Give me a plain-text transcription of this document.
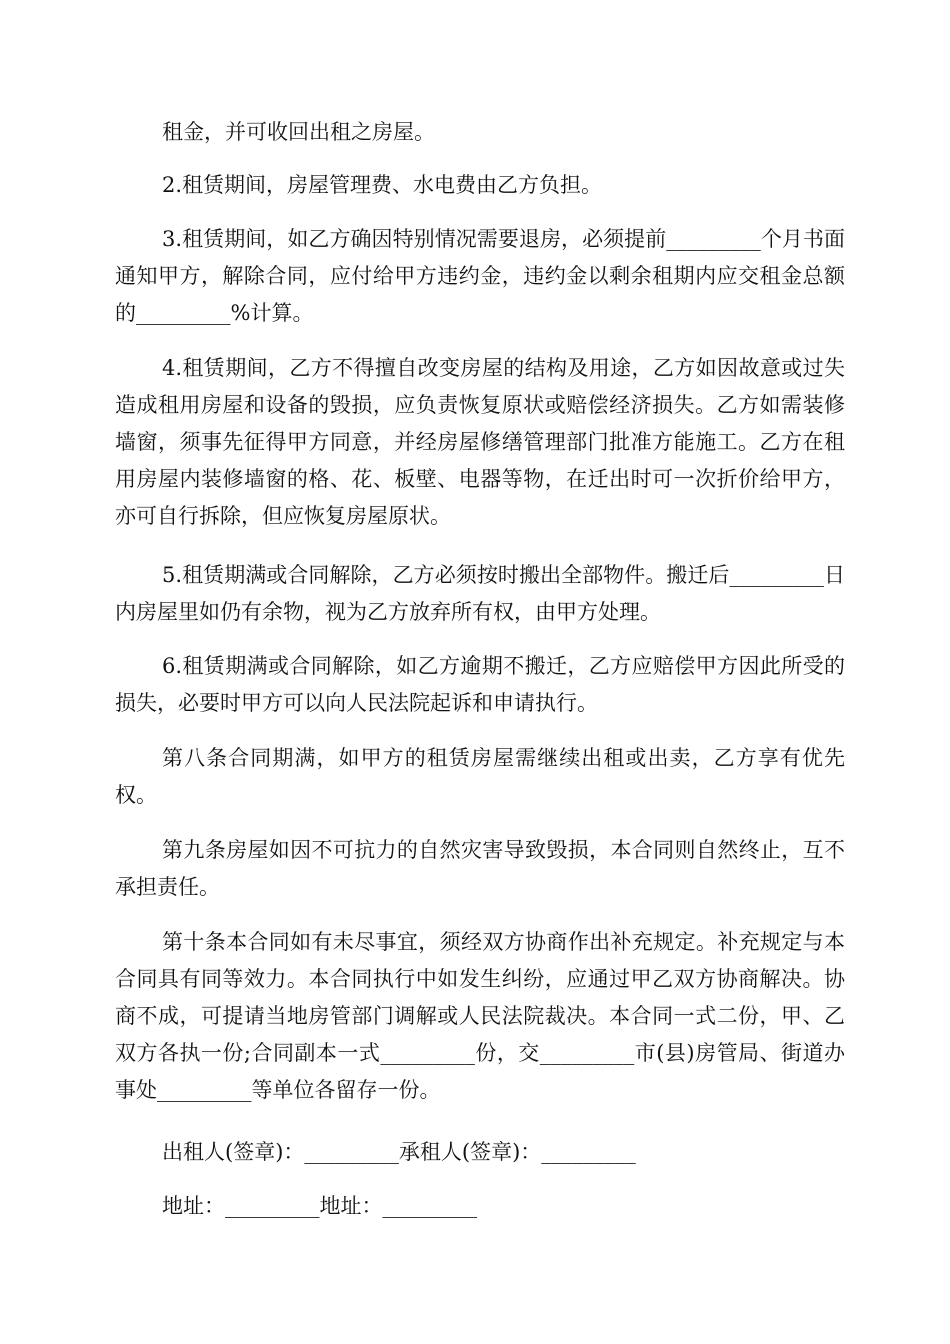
租金，并可收回出租之房屋。

2.租赁期间，房屋管理费、水电费由乙方负担。

3.租赁期间，如乙方确因特别情况需要退房，必须提前_________个月书面通知甲方，解除合同，应付给甲方违约金，违约金以剩余租期内应交租金总额的_________%计算。

4.租赁期间，乙方不得擅自改变房屋的结构及用途，乙方如因故意或过失造成租用房屋和设备的毁损，应负责恢复原状或赔偿经济损失。乙方如需装修墙窗，须事先征得甲方同意，并经房屋修缮管理部门批准方能施工。乙方在租用房屋内装修墙窗的格、花、板壁、电器等物，在迁出时可一次折价给甲方，亦可自行拆除，但应恢复房屋原状。

5.租赁期满或合同解除，乙方必须按时搬出全部物件。搬迁后_________日内房屋里如仍有余物，视为乙方放弃所有权，由甲方处理。

6.租赁期满或合同解除，如乙方逾期不搬迁，乙方应赔偿甲方因此所受的损失，必要时甲方可以向人民法院起诉和申请执行。

第八条合同期满，如甲方的租赁房屋需继续出租或出卖，乙方享有优先权。

第九条房屋如因不可抗力的自然灾害导致毁损，本合同则自然终止，互不承担责任。

第十条本合同如有未尽事宜，须经双方协商作出补充规定。补充规定与本合同具有同等效力。本合同执行中如发生纠纷，应通过甲乙双方协商解决。协商不成，可提请当地房管部门调解或人民法院裁决。本合同一式二份，甲、乙双方各执一份;合同副本一式_________份，交_________市(县)房管局、街道办事处_________等单位各留存一份。

出租人(签章)：_________承租人(签章)：_________

地址：_________地址：_________
